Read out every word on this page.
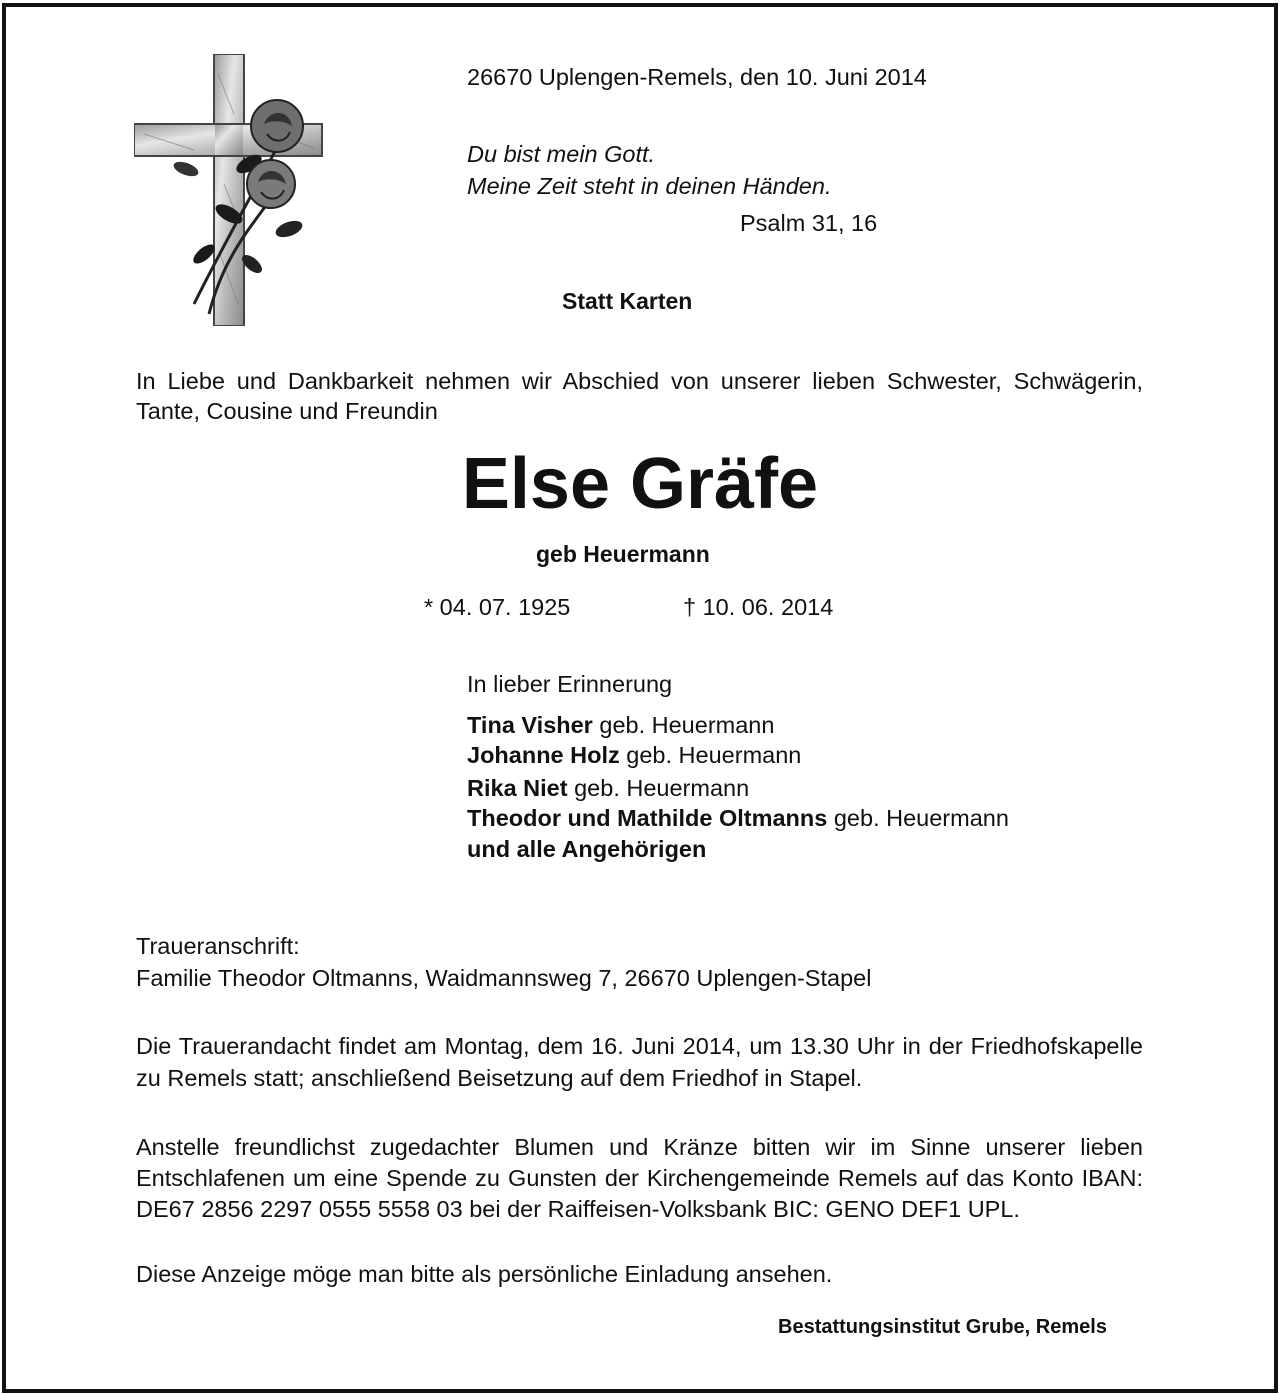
26670 Uplengen-Remels, den 10. Juni 2014
Du bist mein Gott.
Meine Zeit steht in deinen Händen.
Psalm 31, 16
Statt Karten
In Liebe und Dankbarkeit nehmen wir Abschied von unserer lieben Schwester, Schwägerin, Tante, Cousine und Freundin
Else Gräfe
geb Heuermann
* 04. 07. 1925	† 10. 06. 2014
In lieber Erinnerung
Tina Visher geb. Heuermann
Johanne Holz geb. Heuermann
Rika Niet geb. Heuermann
Theodor und Mathilde Oltmanns geb. Heuermann
und alle Angehörigen
Traueranschrift:
Familie Theodor Oltmanns, Waidmannsweg 7, 26670 Uplengen-Stapel
Die Trauerandacht findet am Montag, dem 16. Juni 2014, um 13.30 Uhr in der Friedhofskapelle zu Remels statt; anschließend Beisetzung auf dem Friedhof in Stapel.
Anstelle freundlichst zugedachter Blumen und Kränze bitten wir im Sinne unserer lieben Entschlafenen um eine Spende zu Gunsten der Kirchengemeinde Remels auf das Konto IBAN: DE67 2856 2297 0555 5558 03 bei der Raiffeisen-Volksbank BIC: GENO DEF1 UPL.
Diese Anzeige möge man bitte als persönliche Einladung ansehen.
Bestattungsinstitut Grube, Remels
